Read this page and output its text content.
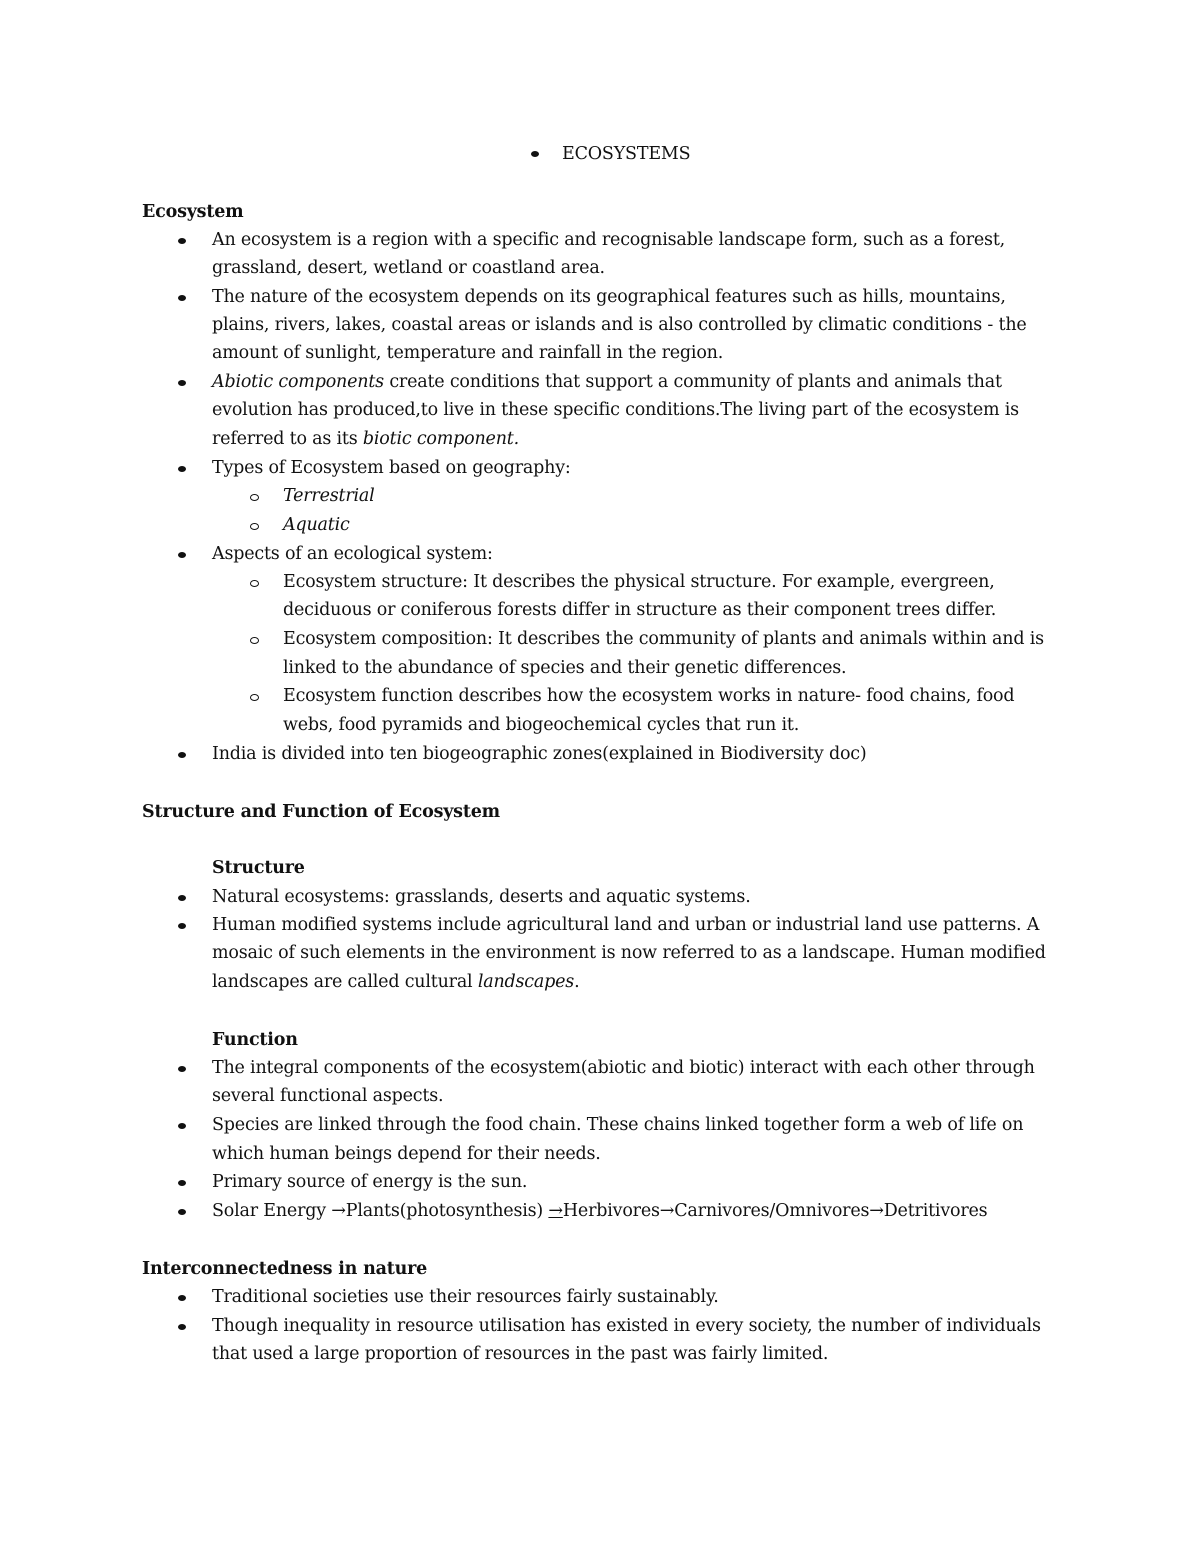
ECOSYSTEMS
Ecosystem
An ecosystem is a region with a specific and recognisable landscape form, such as a forest,
grassland, desert, wetland or coastland area.
The nature of the ecosystem depends on its geographical features such as hills, mountains,
plains, rivers, lakes, coastal areas or islands and is also controlled by climatic conditions - the
amount of sunlight, temperature and rainfall in the region.
Abiotic components create conditions that support a community of plants and animals that
evolution has produced,to live in these specific conditions.The living part of the ecosystem is
referred to as its biotic component.
Types of Ecosystem based on geography:
Terrestrial
Aquatic
Aspects of an ecological system:
Ecosystem structure: It describes the physical structure. For example, evergreen,
deciduous or coniferous forests differ in structure as their component trees differ.
Ecosystem composition: It describes the community of plants and animals within and is
linked to the abundance of species and their genetic differences.
Ecosystem function describes how the ecosystem works in nature- food chains, food
webs, food pyramids and biogeochemical cycles that run it.
India is divided into ten biogeographic zones(explained in Biodiversity doc)
Structure and Function of Ecosystem
Structure
Natural ecosystems: grasslands, deserts and aquatic systems.
Human modified systems include agricultural land and urban or industrial land use patterns. A
mosaic of such elements in the environment is now referred to as a landscape. Human modified
landscapes are called cultural landscapes.
Function
The integral components of the ecosystem(abiotic and biotic) interact with each other through
several functional aspects.
Species are linked through the food chain. These chains linked together form a web of life on
which human beings depend for their needs.
Primary source of energy is the sun.
Solar Energy →Plants(photosynthesis) →Herbivores→Carnivores/Omnivores→Detritivores
Interconnectedness in nature
Traditional societies use their resources fairly sustainably.
Though inequality in resource utilisation has existed in every society, the number of individuals
that used a large proportion of resources in the past was fairly limited.
